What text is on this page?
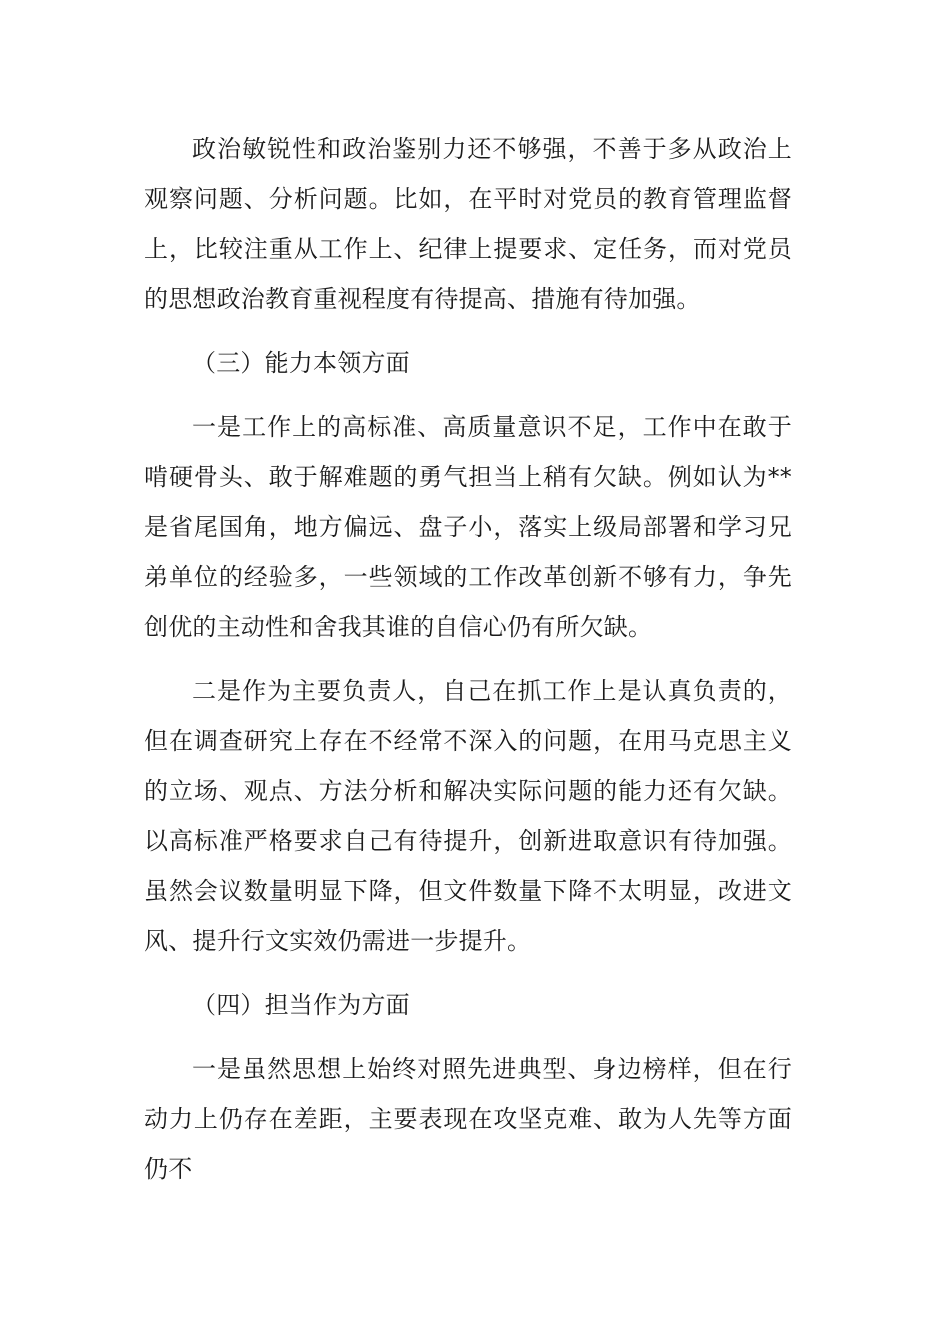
政治敏锐性和政治鉴别力还不够强，不善于多从政治上观察问题、分析问题。比如，在平时对党员的教育管理监督上，比较注重从工作上、纪律上提要求、定任务，而对党员的思想政治教育重视程度有待提高、措施有待加强。

（三）能力本领方面

一是工作上的高标准、高质量意识不足，工作中在敢于啃硬骨头、敢于解难题的勇气担当上稍有欠缺。例如认为**是省尾国角，地方偏远、盘子小，落实上级局部署和学习兄弟单位的经验多，一些领域的工作改革创新不够有力，争先创优的主动性和舍我其谁的自信心仍有所欠缺。

二是作为主要负责人，自己在抓工作上是认真负责的，但在调查研究上存在不经常不深入的问题，在用马克思主义的立场、观点、方法分析和解决实际问题的能力还有欠缺。以高标准严格要求自己有待提升，创新进取意识有待加强。虽然会议数量明显下降，但文件数量下降不太明显，改进文风、提升行文实效仍需进一步提升。

（四）担当作为方面

一是虽然思想上始终对照先进典型、身边榜样，但在行动力上仍存在差距，主要表现在攻坚克难、敢为人先等方面仍不
